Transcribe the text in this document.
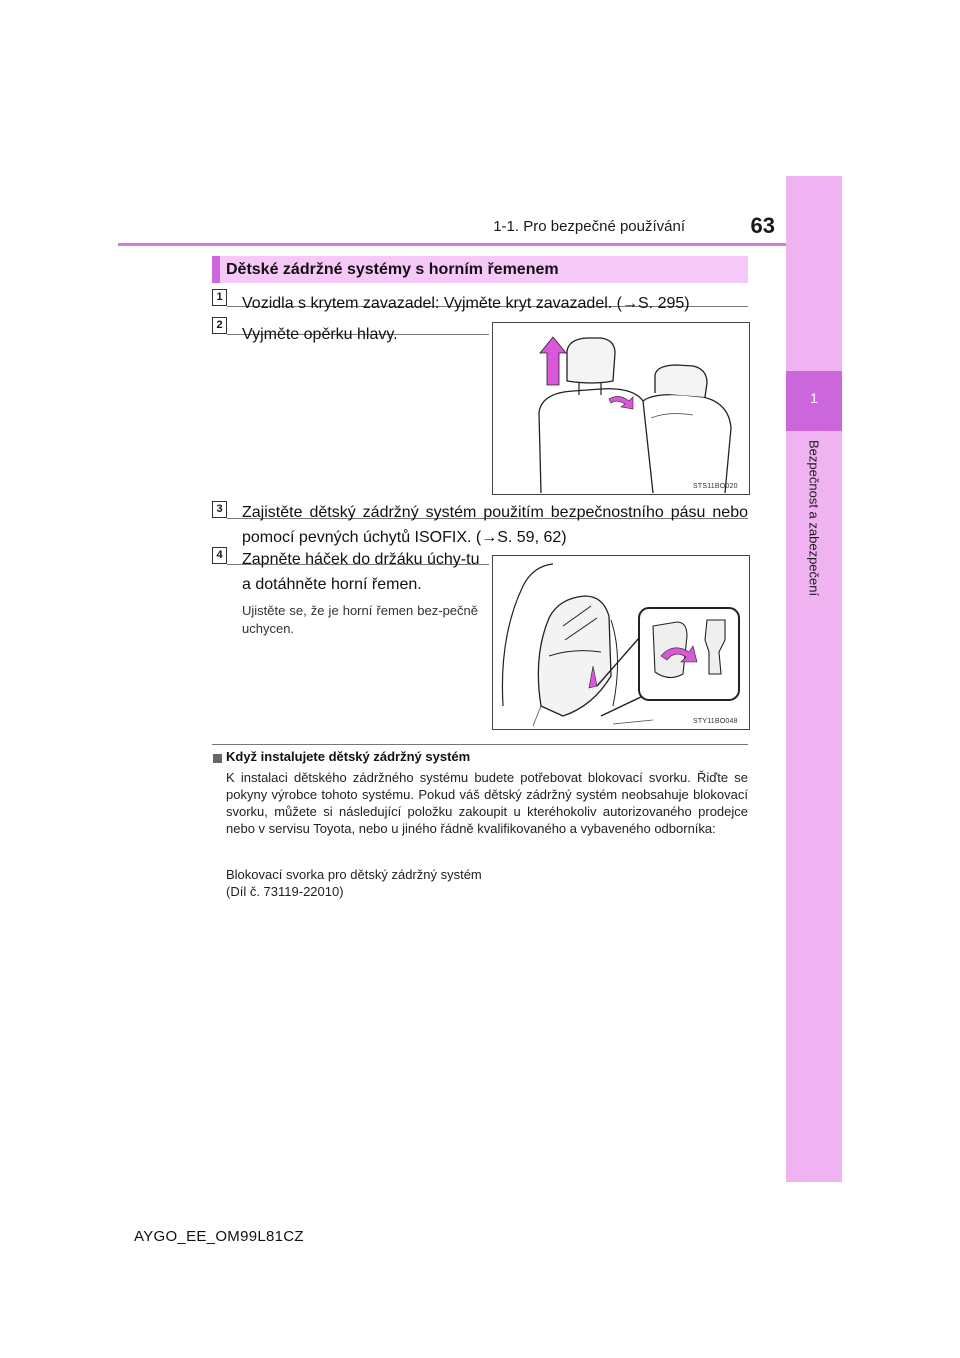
1-1. Pro bezpečné používání	63
1
Bezpečnost a zabezpečení
Dětské zádržné systémy s horním řemenem
1 Vozidla s krytem zavazadel: Vyjměte kryt zavazadel. (→S. 295)
2
Vyjměte opěrku hlavy.
STS11BO020
3 Zajistěte dětský zádržný systém použitím bezpečnostního pásu nebo pomocí pevných úchytů ISOFIX. (→S. 59, 62)
4 Zapněte háček do držáku úchy-tu a dotáhněte horní řemen.
Ujistěte se, že je horní řemen bez-pečně uchycen.
STY11BO048
Když instalujete dětský zádržný systém
K instalaci dětského zádržného systému budete potřebovat blokovací svorku. Řiďte se pokyny výrobce tohoto systému. Pokud váš dětský zádržný systém neobsahuje blokovací svorku, můžete si následující položku zakoupit u kteréhokoliv autorizovaného prodejce nebo v servisu Toyota, nebo u jiného řádně kvalifikovaného a vybaveného odborníka:
Blokovací svorka pro dětský zádržný systém
(Díl č. 73119-22010)
AYGO_EE_OM99L81CZ
